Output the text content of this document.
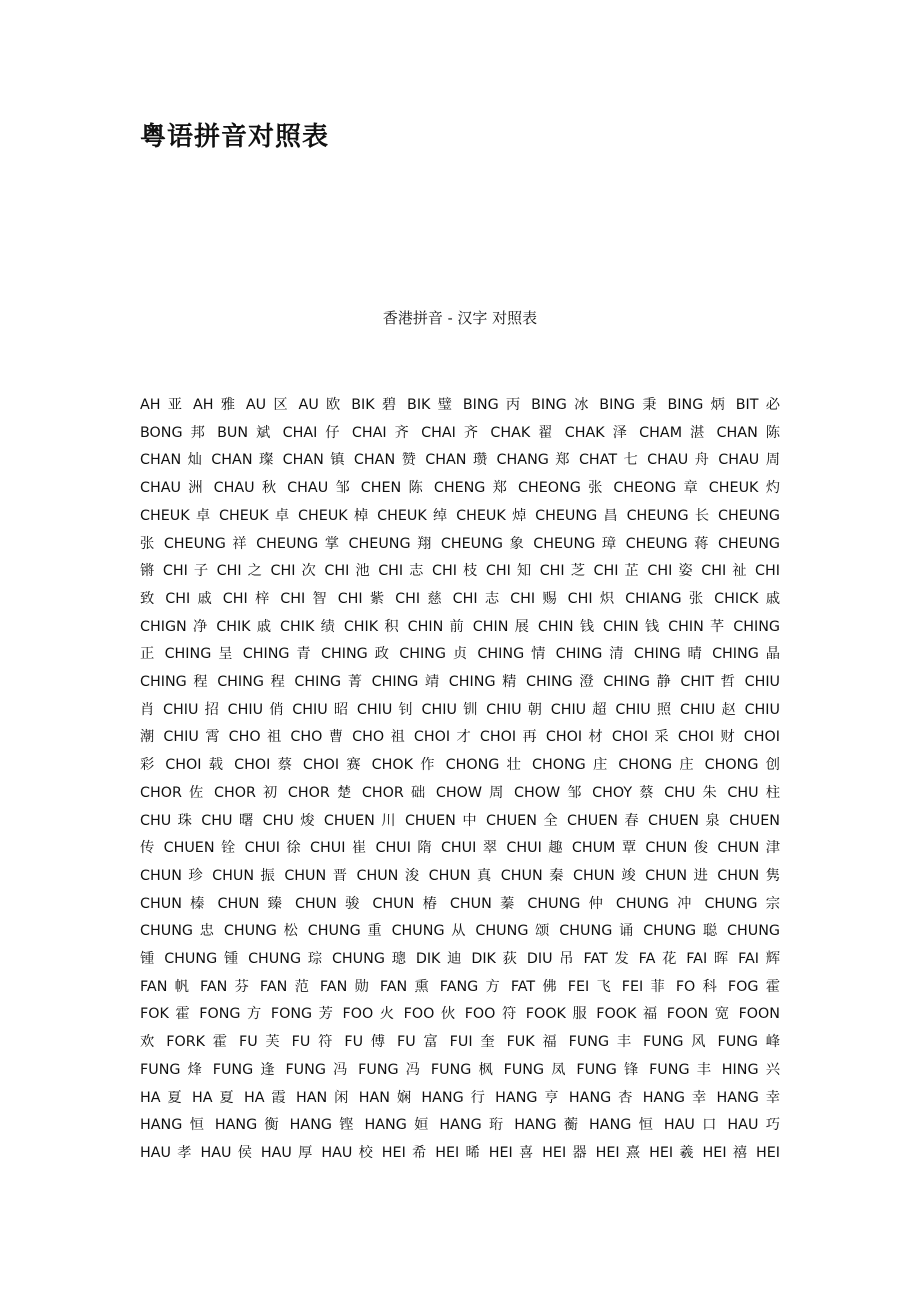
粤语拼音对照表

香港拼音 - 汉字 对照表

AH 亚 AH 雅 AU 区 AU 欧 BIK 碧 BIK 璧 BING 丙 BING 冰 BING 秉 BING 炳 BIT 必
BONG 邦 BUN 斌 CHAI 仔 CHAI 齐 CHAI 齐 CHAK 翟 CHAK 泽 CHAM 湛 CHAN 陈
CHAN 灿 CHAN 璨 CHAN 镇 CHAN 赞 CHAN 瓒 CHANG 郑 CHAT 七 CHAU 舟 CHAU 周
CHAU 洲 CHAU 秋 CHAU 邹 CHEN 陈 CHENG 郑 CHEONG 张 CHEONG 章 CHEUK 灼
CHEUK 卓 CHEUK 卓 CHEUK 棹 CHEUK 绰 CHEUK 焯 CHEUNG 昌 CHEUNG 长 CHEUNG
张 CHEUNG 祥 CHEUNG 掌 CHEUNG 翔 CHEUNG 象 CHEUNG 璋 CHEUNG 蒋 CHEUNG
锵 CHI 子 CHI 之 CHI 次 CHI 池 CHI 志 CHI 枝 CHI 知 CHI 芝 CHI 芷 CHI 姿 CHI 祉 CHI
致 CHI 戚 CHI 梓 CHI 智 CHI 紫 CHI 慈 CHI 志 CHI 赐 CHI 炽 CHIANG 张 CHICK 戚
CHIGN 净 CHIK 戚 CHIK 绩 CHIK 积 CHIN 前 CHIN 展 CHIN 钱 CHIN 钱 CHIN 芊 CHING
正 CHING 呈 CHING 青 CHING 政 CHING 贞 CHING 情 CHING 清 CHING 晴 CHING 晶
CHING 程 CHING 程 CHING 菁 CHING 靖 CHING 精 CHING 澄 CHING 静 CHIT 哲 CHIU
肖 CHIU 招 CHIU 俏 CHIU 昭 CHIU 钊 CHIU 钏 CHIU 朝 CHIU 超 CHIU 照 CHIU 赵 CHIU
潮 CHIU 霄 CHO 祖 CHO 曹 CHO 祖 CHOI 才 CHOI 再 CHOI 材 CHOI 采 CHOI 财 CHOI
彩 CHOI 载 CHOI 蔡 CHOI 赛 CHOK 作 CHONG 壮 CHONG 庄 CHONG 庄 CHONG 创
CHOR 佐 CHOR 初 CHOR 楚 CHOR 础 CHOW 周 CHOW 邹 CHOY 蔡 CHU 朱 CHU 柱
CHU 珠 CHU 曙 CHU 焌 CHUEN 川 CHUEN 中 CHUEN 全 CHUEN 春 CHUEN 泉 CHUEN
传 CHUEN 铨 CHUI 徐 CHUI 崔 CHUI 隋 CHUI 翠 CHUI 趣 CHUM 覃 CHUN 俊 CHUN 津
CHUN 珍 CHUN 振 CHUN 晋 CHUN 浚 CHUN 真 CHUN 秦 CHUN 竣 CHUN 进 CHUN 隽
CHUN 榛 CHUN 臻 CHUN 骏 CHUN 椿 CHUN 蓁 CHUNG 仲 CHUNG 冲 CHUNG 宗
CHUNG 忠 CHUNG 松 CHUNG 重 CHUNG 从 CHUNG 颂 CHUNG 诵 CHUNG 聪 CHUNG
锺 CHUNG 锺 CHUNG 琮 CHUNG 璁 DIK 迪 DIK 荻 DIU 吊 FAT 发 FA 花 FAI 晖 FAI 辉
FAN 帆 FAN 芬 FAN 范 FAN 勋 FAN 熏 FANG 方 FAT 佛 FEI 飞 FEI 菲 FO 科 FOG 霍
FOK 霍 FONG 方 FONG 芳 FOO 火 FOO 伙 FOO 符 FOOK 服 FOOK 福 FOON 宽 FOON
欢 FORK 霍 FU 芙 FU 符 FU 傅 FU 富 FUI 奎 FUK 福 FUNG 丰 FUNG 风 FUNG 峰
FUNG 烽 FUNG 逢 FUNG 冯 FUNG 冯 FUNG 枫 FUNG 凤 FUNG 锋 FUNG 丰 HING 兴
HA 夏 HA 夏 HA 霞 HAN 闲 HAN 娴 HANG 行 HANG 亨 HANG 杏 HANG 幸 HANG 幸
HANG 恒 HANG 衡 HANG 铿 HANG 姮 HANG 珩 HANG 蘅 HANG 恒 HAU 口 HAU 巧
HAU 孝 HAU 侯 HAU 厚 HAU 校 HEI 希 HEI 晞 HEI 喜 HEI 器 HEI 熹 HEI 羲 HEI 禧 HEI
